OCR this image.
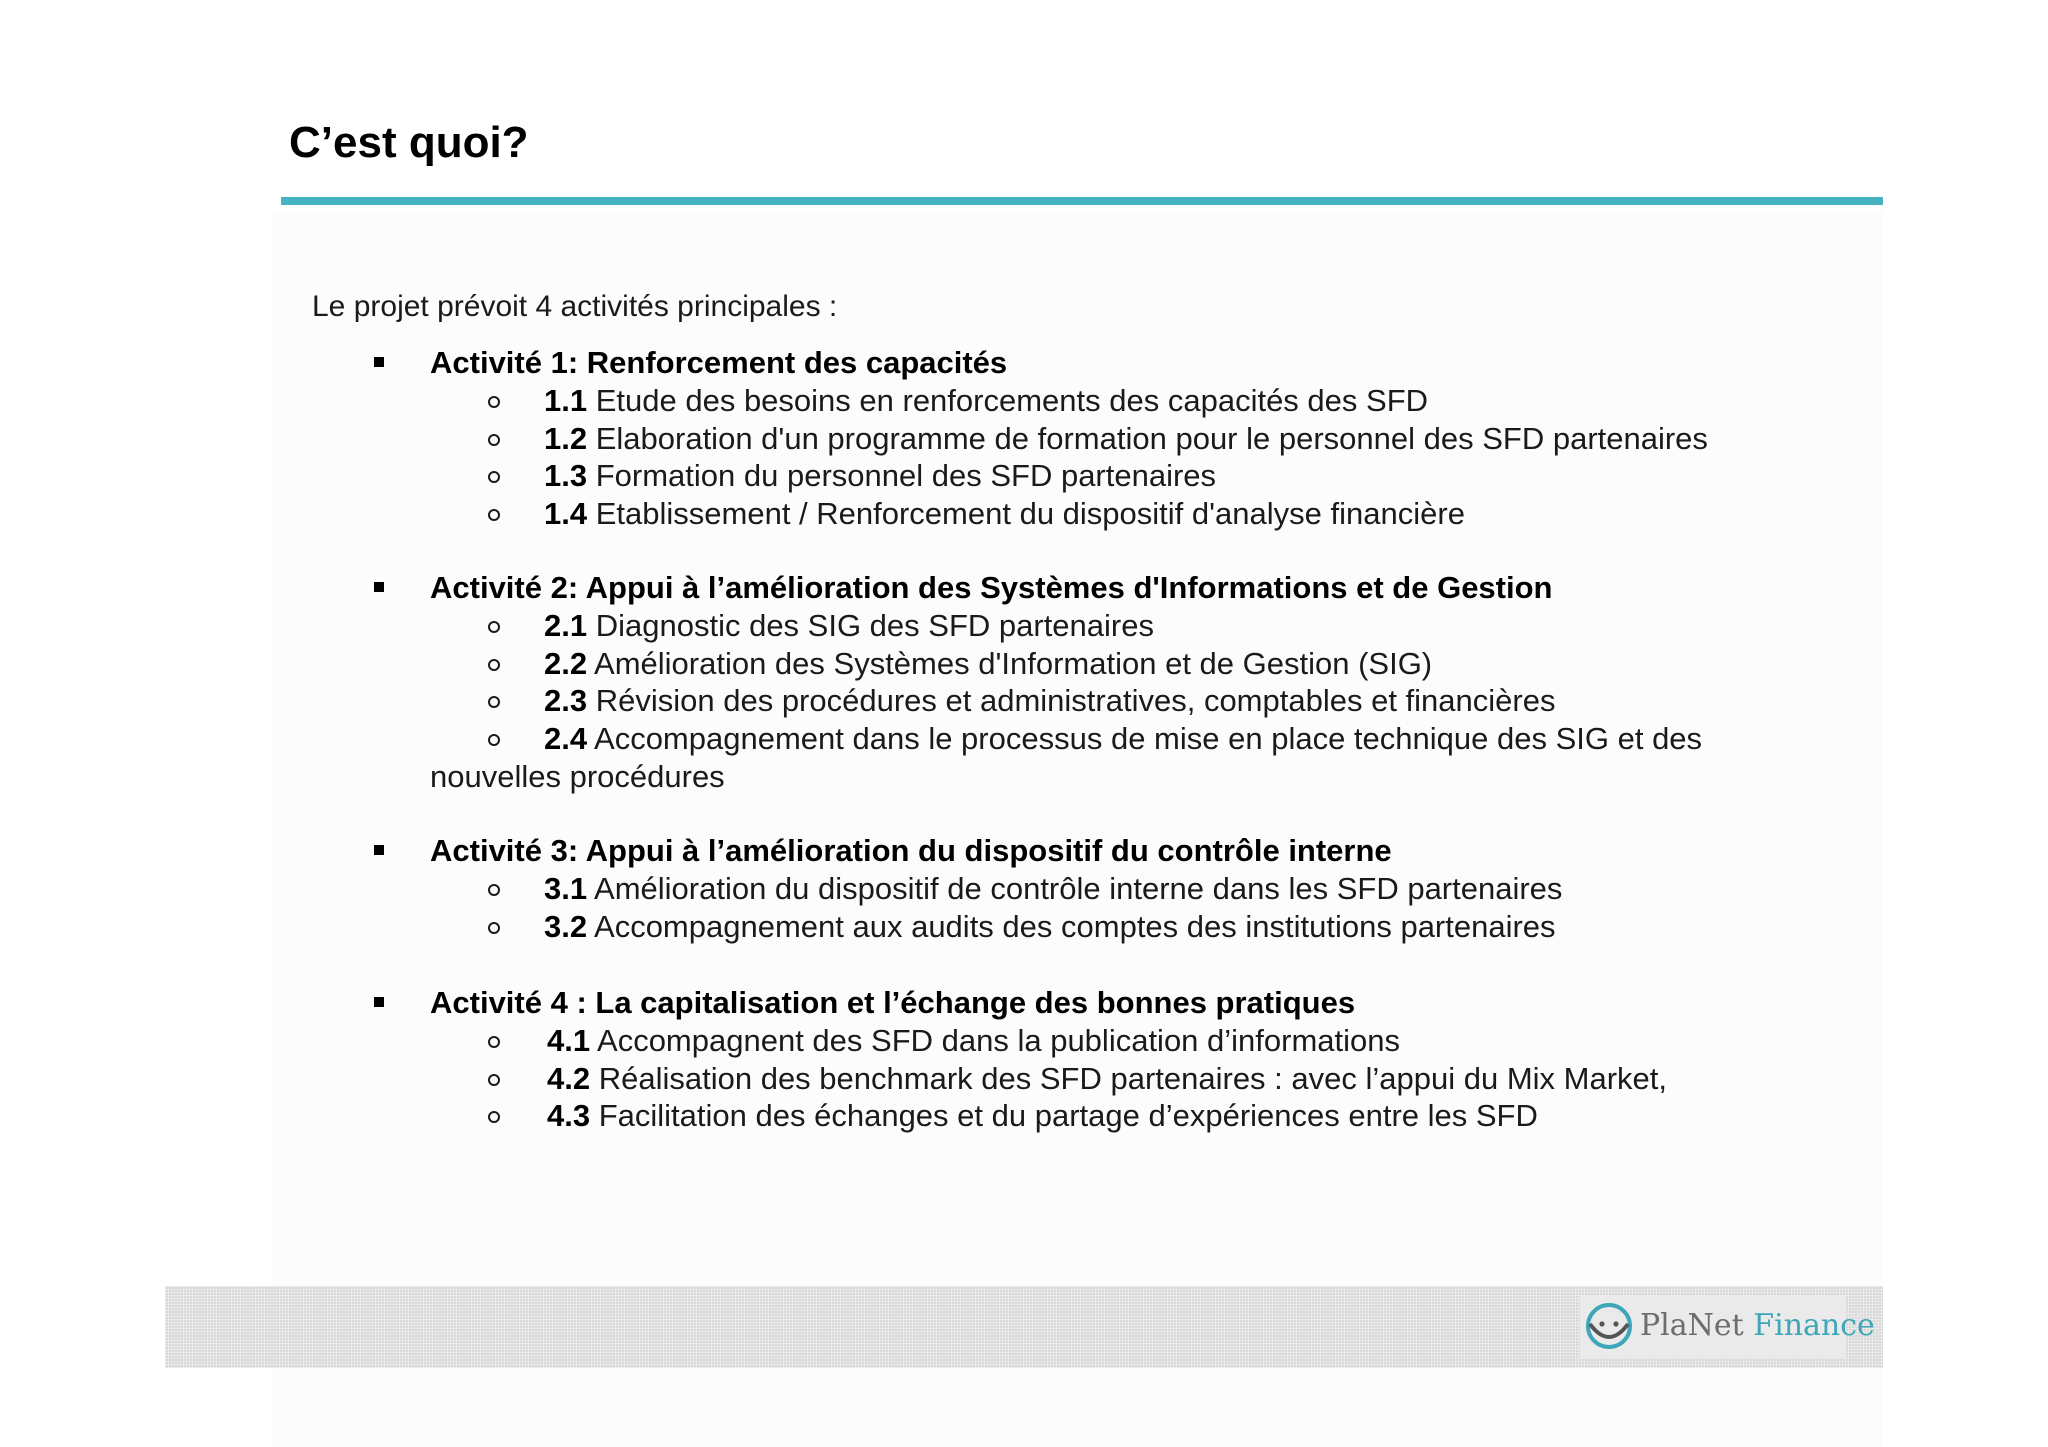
C’est quoi?
Le projet prévoit 4 activités principales :
Activité 1: Renforcement des capacités
1.1 Etude des besoins en renforcements des capacités des SFD
1.2 Elaboration d'un programme de formation pour le personnel des SFD partenaires
1.3 Formation du personnel des SFD partenaires
1.4 Etablissement / Renforcement du dispositif d'analyse financière
Activité 2: Appui à l’amélioration des Systèmes d'Informations et de Gestion
2.1 Diagnostic des SIG des SFD partenaires
2.2 Amélioration des Systèmes d'Information et de Gestion (SIG)
2.3 Révision des procédures et administratives, comptables et financières
2.4 Accompagnement dans le processus de mise en place technique des SIG et des
nouvelles procédures
Activité 3: Appui à l’amélioration du dispositif du contrôle interne
3.1 Amélioration du dispositif de contrôle interne dans les SFD partenaires
3.2 Accompagnement aux audits des comptes des institutions partenaires
Activité 4 : La capitalisation et l’échange des bonnes pratiques
4.1 Accompagnent des SFD dans la publication d’informations
4.2 Réalisation des benchmark des SFD partenaires : avec l’appui du Mix Market,
4.3 Facilitation des échanges et du partage d’expériences entre les SFD
PlaNet Finance
